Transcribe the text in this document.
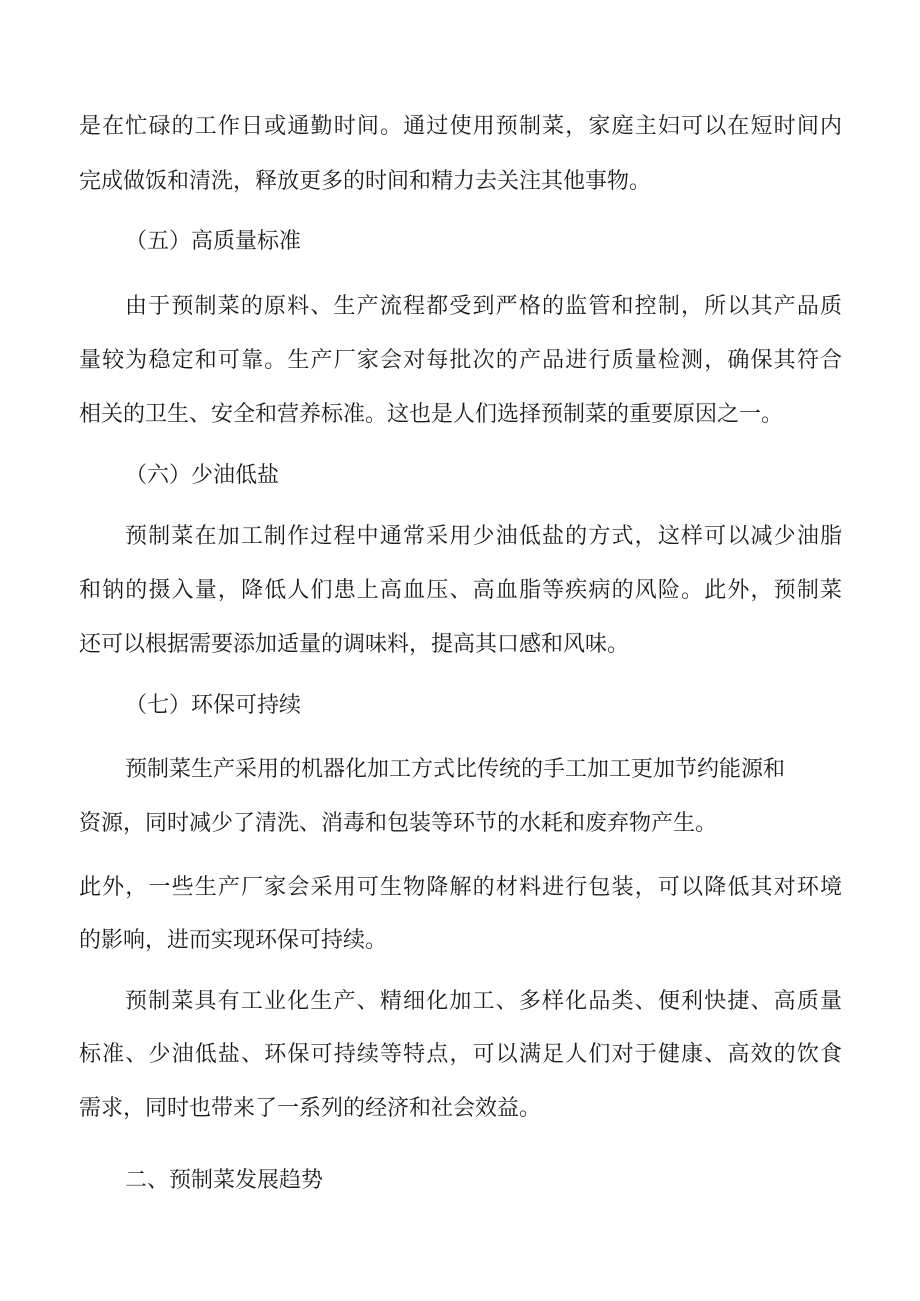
是在忙碌的工作日或通勤时间。通过使用预制菜，家庭主妇可以在短时间内
完成做饭和清洗，释放更多的时间和精力去关注其他事物。
（五）高质量标准
由于预制菜的原料、生产流程都受到严格的监管和控制，所以其产品质
量较为稳定和可靠。生产厂家会对每批次的产品进行质量检测，确保其符合
相关的卫生、安全和营养标准。这也是人们选择预制菜的重要原因之一。
（六）少油低盐
预制菜在加工制作过程中通常采用少油低盐的方式，这样可以减少油脂
和钠的摄入量，降低人们患上高血压、高血脂等疾病的风险。此外，预制菜
还可以根据需要添加适量的调味料，提高其口感和风味。
（七）环保可持续
预制菜生产采用的机器化加工方式比传统的手工加工更加节约能源和
资源，同时减少了清洗、消毒和包装等环节的水耗和废弃物产生。
此外，一些生产厂家会采用可生物降解的材料进行包装，可以降低其对环境
的影响，进而实现环保可持续。
预制菜具有工业化生产、精细化加工、多样化品类、便利快捷、高质量
标准、少油低盐、环保可持续等特点，可以满足人们对于健康、高效的饮食
需求，同时也带来了一系列的经济和社会效益。
二、预制菜发展趋势
